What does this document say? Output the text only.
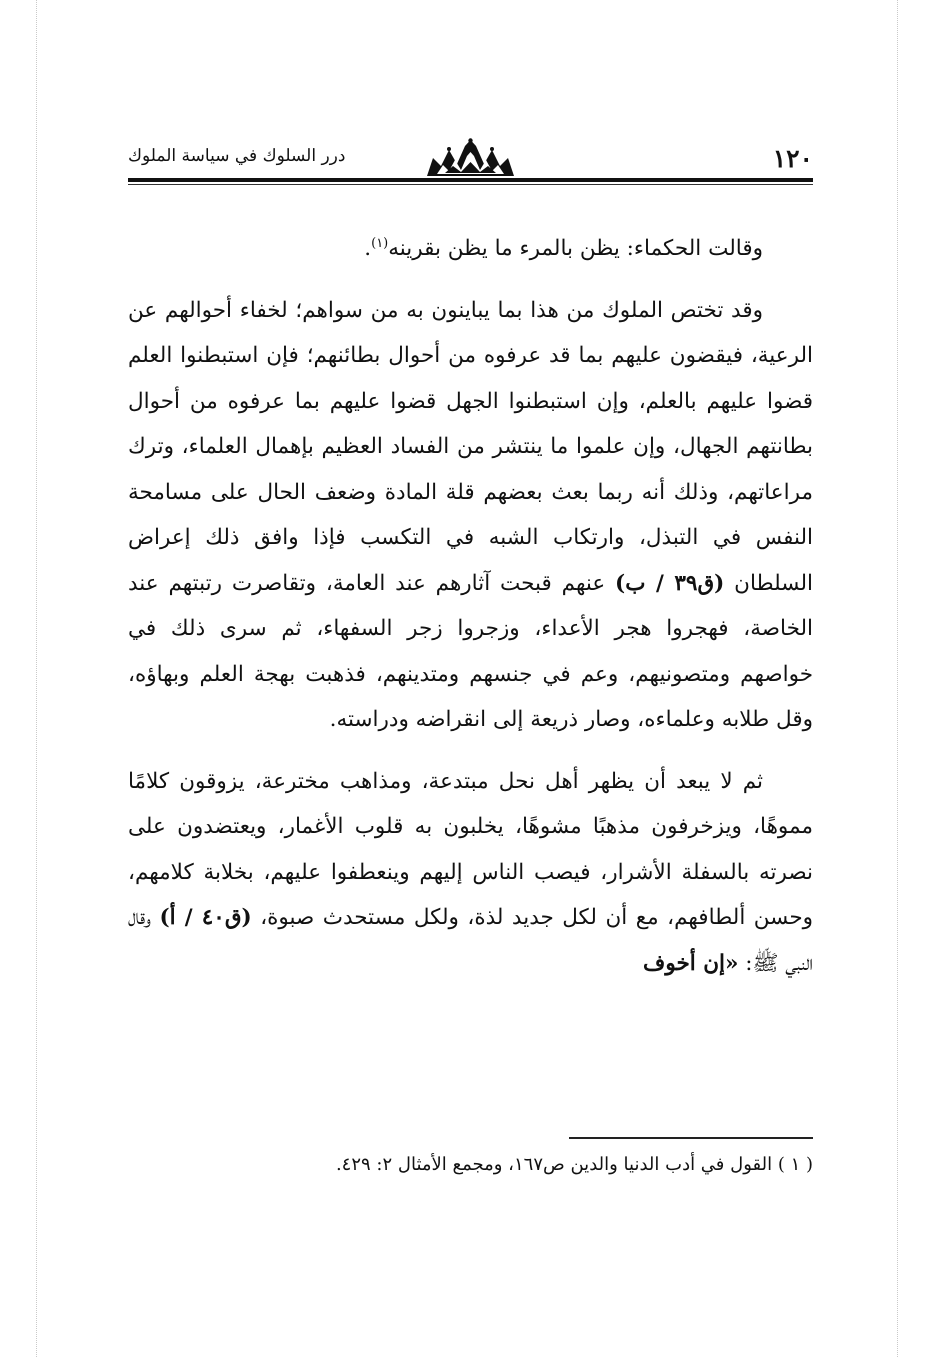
١٢٠
درر السلوك في سياسة الملوك

وقالت الحكماء: يظن بالمرء ما يظن بقرينه$^{(١)}$.

وقد تختص الملوك من هذا بما يباينون به من سواهم؛ لخفاء أحوالهم عن الرعية، فيقضون عليهم بما قد عرفوه من أحوال بطائنهم؛ فإن استبطنوا العلم قضوا عليهم بالعلم، وإن استبطنوا الجهل قضوا عليهم بما عرفوه من أحوال بطانتهم الجهال، وإن علموا ما ينتشر من الفساد العظيم بإهمال العلماء، وترك مراعاتهم، وذلك أنه ربما بعث بعضهم قلة المادة وضعف الحال على مسامحة النفس في التبذل، وارتكاب الشبه في التكسب فإذا وافق ذلك إعراض السلطان (ق٣٩ / ب) عنهم قبحت آثارهم عند العامة، وتقاصرت رتبتهم عند الخاصة، فهجروا هجر الأعداء، وزجروا زجر السفهاء، ثم سرى ذلك في خواصهم ومتصونيهم، وعم في جنسهم ومتدينهم، فذهبت بهجة العلم وبهاؤه، وقل طلابه وعلماءه، وصار ذريعة إلى انقراضه ودراسته.

ثم لا يبعد أن يظهر أهل نحل مبتدعة، ومذاهب مخترعة، يزوقون كلامًا مموهًا، ويزخرفون مذهبًا مشوهًا، يخلبون به قلوب الأغمار، ويعتضدون على نصرته بالسفلة الأشرار، فيصب الناس إليهم وينعطفوا عليهم، بخلابة كلامهم، وحسن ألطافهم، مع أن لكل جديد لذة، ولكل مستحدث صبوة، (ق٤٠ / أ) وقال النبي ﷺ: «إن أخوف

( ١ ) القول في أدب الدنيا والدين ص١٦٧، ومجمع الأمثال ٢: ٤٢٩.
